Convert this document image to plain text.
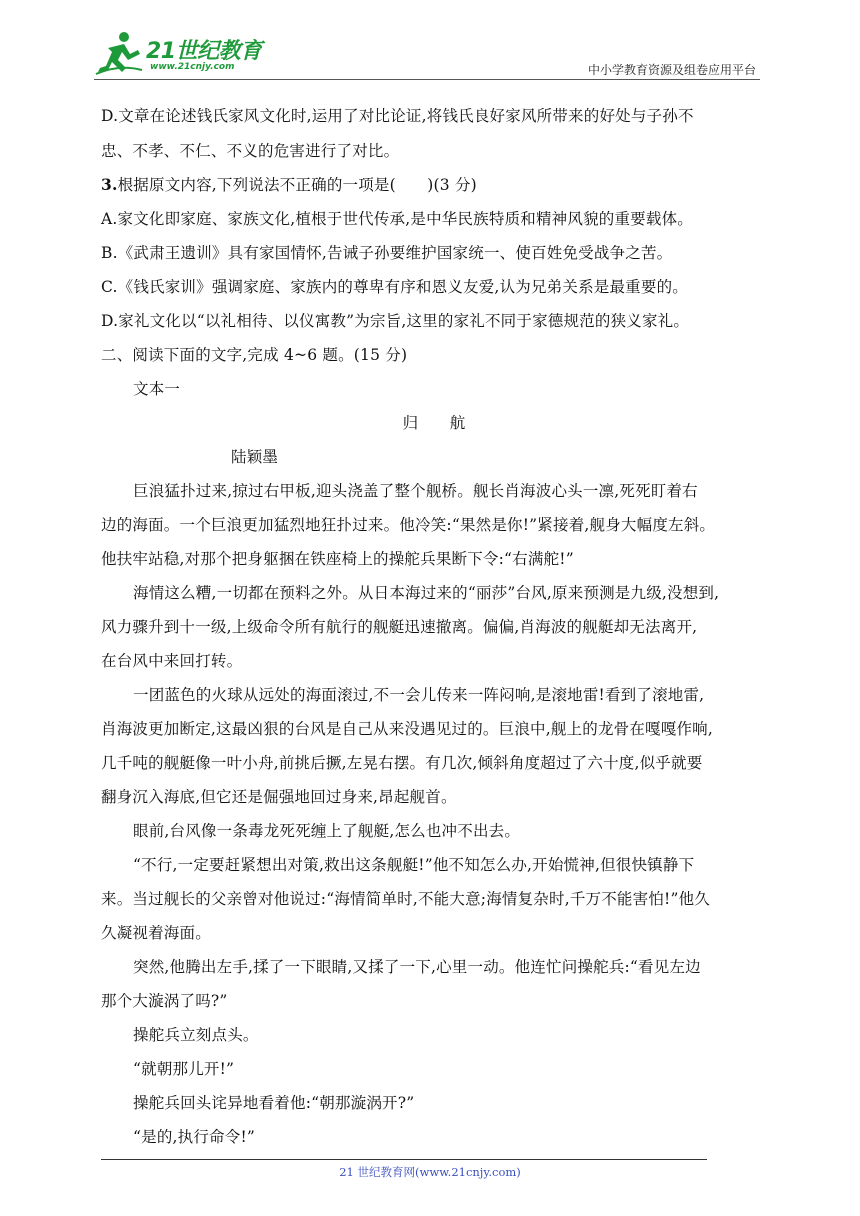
21世纪教育
www.21cnjy.com	中小学教育资源及组卷应用平台
D.文章在论述钱氏家风文化时,运用了对比论证,将钱氏良好家风所带来的好处与子孙不
忠、不孝、不仁、不义的危害进行了对比。
3.根据原文内容,下列说法不正确的一项是(　　)(3 分)
A.家文化即家庭、家族文化,植根于世代传承,是中华民族特质和精神风貌的重要载体。
B.《武肃王遗训》具有家国情怀,告诫子孙要维护国家统一、使百姓免受战争之苦。
C.《钱氏家训》强调家庭、家族内的尊卑有序和恩义友爱,认为兄弟关系是最重要的。
D.家礼文化以“以礼相待、以仪寓教”为宗旨,这里的家礼不同于家德规范的狭义家礼。
二、阅读下面的文字,完成 4~6 题。(15 分)
文本一
归　　航
陆颖墨
巨浪猛扑过来,掠过右甲板,迎头浇盖了整个舰桥。舰长肖海波心头一凛,死死盯着右
边的海面。一个巨浪更加猛烈地狂扑过来。他冷笑:“果然是你!”紧接着,舰身大幅度左斜。
他扶牢站稳,对那个把身躯捆在铁座椅上的操舵兵果断下令:“右满舵!”
海情这么糟,一切都在预料之外。从日本海过来的“丽莎”台风,原来预测是九级,没想到,
风力骤升到十一级,上级命令所有航行的舰艇迅速撤离。偏偏,肖海波的舰艇却无法离开,
在台风中来回打转。
一团蓝色的火球从远处的海面滚过,不一会儿传来一阵闷响,是滚地雷!看到了滚地雷,
肖海波更加断定,这最凶狠的台风是自己从来没遇见过的。巨浪中,舰上的龙骨在嘎嘎作响,
几千吨的舰艇像一叶小舟,前挑后撅,左晃右摆。有几次,倾斜角度超过了六十度,似乎就要
翻身沉入海底,但它还是倔强地回过身来,昂起舰首。
眼前,台风像一条毒龙死死缠上了舰艇,怎么也冲不出去。
“不行,一定要赶紧想出对策,救出这条舰艇!”他不知怎么办,开始慌神,但很快镇静下
来。当过舰长的父亲曾对他说过:“海情简单时,不能大意;海情复杂时,千万不能害怕!”他久
久凝视着海面。
突然,他腾出左手,揉了一下眼睛,又揉了一下,心里一动。他连忙问操舵兵:“看见左边
那个大漩涡了吗?”
操舵兵立刻点头。
“就朝那儿开!”
操舵兵回头诧异地看着他:“朝那漩涡开?”
“是的,执行命令!”
21 世纪教育网(www.21cnjy.com)
